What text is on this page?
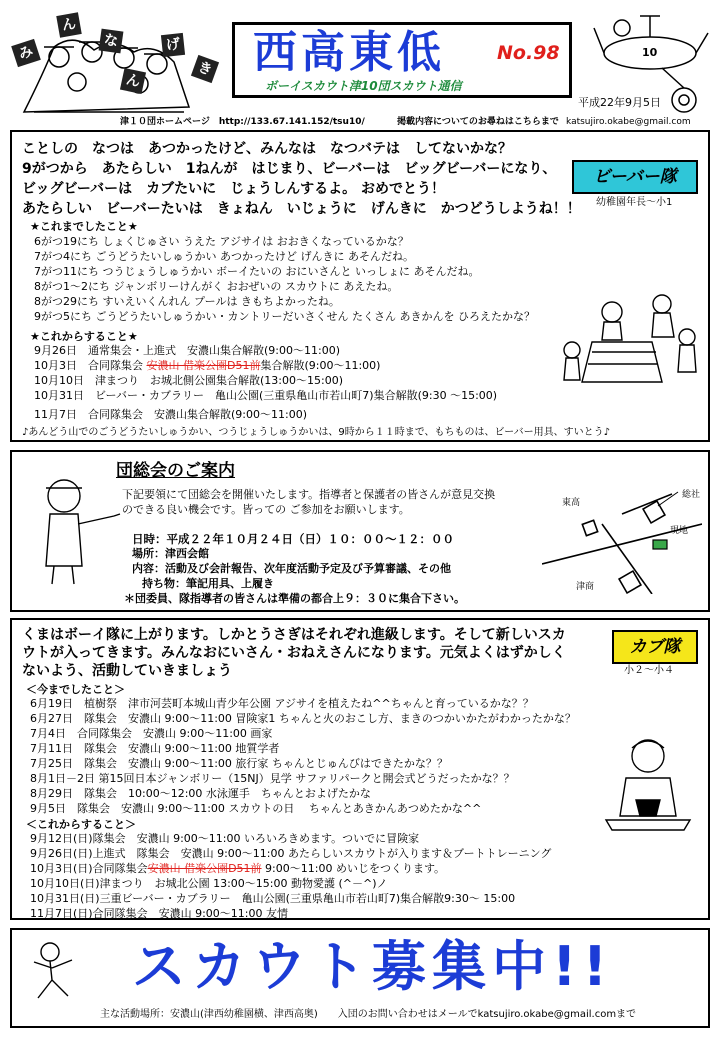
み
ん
な	げ
ん
き 西高東低	No.98
ボーイスカウト津10団スカウト通信
10
平成22年9月5日
津１０団ホームページ　http://133.67.141.152/tsu10/	掲載内容についてのお尋ねはこちらまで katsujiro.okabe@gmail.com
ことしの　なつは　あつかったけど、みんなは　なつバテは　してないかな？
9がつから　あたらしい　1ねんが　はじまり、ビーバーは　ビッグビーバーになり、
ビッグビーバーは　カブたいに　じょうしんするよ。 おめでとう！
あたらしい　ビーバーたいは　きょねん　いじょうに　げんきに　かつどうしようね！！
ビーバー隊
幼稚園年長～小1
★これまでしたこと★
6がつ19にち しょくじゅさい うえた アジサイは おおきくなっているかな？
7がつ4にち ごうどうたいしゅうかい あつかったけど げんきに あそんだね。
7がつ11にち つうじょうしゅうかい ボーイたいの おにいさんと いっしょに あそんだね。
8がつ1～2にち ジャンボリーけんがく おおぜいの スカウトに あえたね。
8がつ29にち すいえいくんれん プールは きもちよかったね。
9がつ5にち ごうどうたいしゅうかい・カントリーだいさくせん たくさん あきかんを ひろえたかな？
★これからすること★
9月26日　 通常集会・上進式　安濃山集合解散(9:00～11:00)
10月3日　 合同隊集会 安濃山 借楽公園D51前集合解散(9:00～11:00)
10月10日　 津まつり　お城北側公園集合解散(13:00～15:00)
10月31日　 ビーバー・カブラリー　亀山公園(三重県亀山市若山町7)集合解散(9:30 ～15:00)
11月7日　 合同隊集会　安濃山集合解散(9:00～11:00)
♪あんどう山でのごうどうたいしゅうかい、つうじょうしゅうかいは、9時から１１時まで、もちものは、ビーバー用具、すいとう♪
団総会のご案内
下記要領にて団総会を開催いたします。指導者と保護者の皆さんが意見交換
のできる良い機会です。皆っての ご参加をお願いします。
日時：平成２２年１０月２４日（日）１０：００～１２：００
場所：津西会館
内容：活動及び会計報告、次年度活動予定及び予算審議、その他
持ち物：筆記用具、上履き
＊団委員、隊指導者の皆さんは準備の都合上９：３０に集合下さい。
東高
総社
現地
津商
くまはボーイ隊に上がります。しかとうさぎはそれぞれ進級します。そして新しいスカ
ウトが入ってきます。みんなおにいさん・おねえさんになります。元気よくはずかしく
ないよう、活動していきましょう
カブ隊
小２～小４
＜今までしたこと＞
6月19日　植樹祭　津市河芸町本城山青少年公園 アジサイを植えたね^^ちゃんと育っているかな？？
6月27日　隊集会　安濃山 9:00～11:00 冒険家1 ちゃんと火のおこし方、まきのつかいかたがわかったかな？
7月4日　合同隊集会　安濃山 9:00～11:00 画家
7月11日　隊集会　安濃山 9:00～11:00 地質学者
7月25日　隊集会　安濃山 9:00～11:00 旅行家 ちゃんとじゅんびはできたかな？？
8月1日－2日 第15回日本ジャンボリー（15NJ）見学 サファリパークと開会式どうだったかな？？
8月29日　隊集会　10:00～12:00 水泳運手　ちゃんとおよげたかな
9月5日　隊集会　安濃山 9:00～11:00 スカウトの日　 ちゃんとあきかんあつめたかな^^
＜これからすること＞
9月12日(日)隊集会　安濃山 9:00～11:00 いろいろきめます。ついでに冒険家
9月26日(日)上進式　隊集会　安濃山 9:00～11:00 あたらしいスカウトが入ります＆ブートトレーニング
10月3日(日)合同隊集会安濃山 借楽公園D51前 9:00～11:00 めいじをつくります。
10月10日(日)津まつり　お城北公園 13:00～15:00 動物愛護 (^－^)ノ
10月31日(日)三重ビーバー・カブラリー　亀山公園(三重県亀山市若山町7)集合解散9:30～ 15:00
11月7日(日)合同隊集会　安濃山 9:00～11:00 友情
スカウト募集中!!
主な活動場所：安濃山(津西幼稚園横、津西高奥)　　入団のお問い合わせはメールでkatsujiro.okabe@gmail.comまで
